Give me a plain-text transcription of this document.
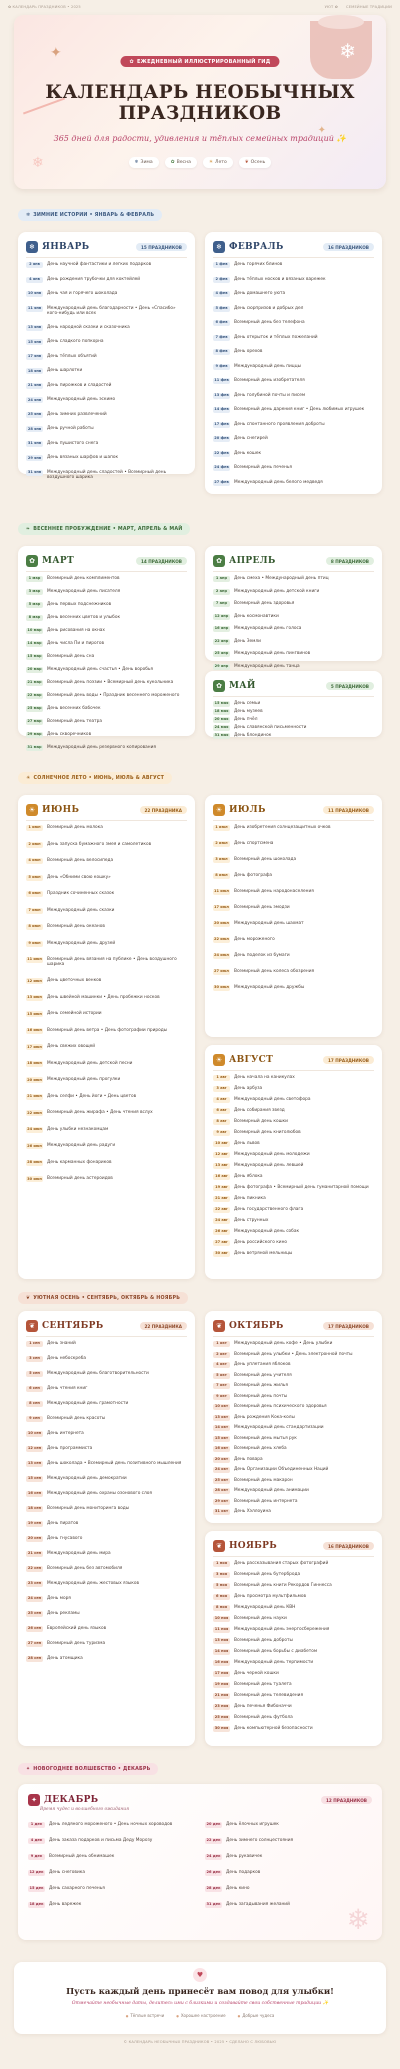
✿ КАЛЕНДАРЬ ПРАЗДНИКОВ • 2025	УЮТ ✿ СЕМЕЙНЫЕ ТРАДИЦИИ
❄
❄
✦
✦
✿ ЕЖЕДНЕВНЫЙ ИЛЛЮСТРИРОВАННЫЙ ГИД
КАЛЕНДАРЬ НЕОБЫЧНЫХ
ПРАЗДНИКОВ
365 дней для радости, удивления и тёплых семейных традиций ✨
❄ Зима	✿ Весна	☀ Лето	❦ Осень
❄ ЗИМНИЕ ИСТОРИИ • ЯНВАРЬ & ФЕВРАЛЬ
❄ ЯНВАРЬ	15 ПРАЗДНИКОВ
2 янв	День научной фантастики и легких подарков
4 янв	День рождения трубочки для коктейлей
10 янв	День чая и горячего шоколада
11 янв	Международный день благодарности • День «Спасибо» кого-нибудь или всех
13 янв	День народной сказки и сказочника
15 янв	День сладкого попкорна
17 янв	День тёплых объятий
18 янв	День шарлотки
21 янв	День пирожков и сладостей
24 янв	Международный день эскимо
25 янв	День зимних развлечений
28 янв	День ручной работы
31 янв	День пушистого снега
29 янв	День вязаных шарфов и шапок
31 янв	Международный день сладостей • Всемирный день воздушного шарика
❄ ФЕВРАЛЬ	16 ПРАЗДНИКОВ
1 фев	День горячих блинов
2 фев	День тёплых носков и вязаных варежек
4 фев	День домашнего уюта
5 фев	День сюрпризов и добрых дел
6 фев	Всемирный день без телефона
7 фев	День открыток и тёплых пожеланий
8 фев	День орехов
9 фев	Международный день пиццы
11 фев Всемирный день изобретателя
13 фев День голубиной почты и писем
14 фев Всемирный день дарения книг • День любимых игрушек
17 фев День спонтанного проявления доброты
20 фев День снегирей
22 фев День кошек
24 фев Всемирный день печенья
27 фев Международный день белого медведя
❧ ВЕСЕННЕЕ ПРОБУЖДЕНИЕ • МАРТ, АПРЕЛЬ & МАЙ
✿ МАРТ	14 ПРАЗДНИКОВ
1 мар	Всемирный день комплиментов
3 мар	Международный день писателя
5 мар	День первых подснежников
8 мар	День весенних цветов и улыбок
10 мар	День рисования на окнах
14 мар	День числа Пи и пирогов
15 мар	Всемирный день сна
20 мар	Международный день счастья • День воробья
21 мар	Всемирный день поэзии • Всемирный день кукольника
22 мар	Всемирный день воды • Праздник весеннего мороженого
25 мар	День весенних бабочек
27 мар	Всемирный день театра
29 мар	День скворечников
31 мар	Международный день резервного копирования
✿ АПРЕЛЬ	8 ПРАЗДНИКОВ
1 апр	День смеха • Международный день птиц
2 апр	Международный день детской книги
7 апр	Всемирный день здоровья
12 апр	День космонавтики
16 апр	Международный день голоса
22 апр	День Земли
25 апр	Международный день пингвинов
29 апр	Международный день танца
✿ МАЙ	5 ПРАЗДНИКОВ
15 мая	День семьи
18 мая	День музеев
20 мая	День пчёл
24 мая	День славянской письменности
31 мая	День блондинок
☀ СОЛНЕЧНОЕ ЛЕТО • ИЮНЬ, ИЮЛЬ & АВГУСТ
☀ ИЮНЬ	22 ПРАЗДНИКА
1 июн	Всемирный день молока
2 июн	День запуска бумажного змея и самолетиков
4 июн	Всемирный день велосипеда
5 июн	День «Обними свою кошку»
6 июн	Праздник сочиненных сказок
7 июн	Международный день сказки
8 июн	Всемирный день океанов
9 июн	Международный день друзей
11 июн Всемирный день вязания на публике • День воздушного шарика
12 июн День цветочных венков
13 июн День швейной машинки • День пробежки носков
15 июн День семейной истории
16 июн Всемирный день ветра • День фотографии природы
17 июн День свежих овощей
18 июн Международный день детской песни
20 июн Международный день прогулки
21 июн День селфи • День йоги • День цветов
22 июн Всемирный день жирафа • День чтения вслух
24 июн День улыбки незнакомцам
26 июн Международный день радуги
28 июн День карманных фонариков
30 июн Всемирный день астероидов
☀ ИЮЛЬ	11 ПРАЗДНИКОВ
1 июл	День изобретения солнцезащитных очков
2 июл	День спортсмена
3 июл	Всемирный день шоколада
8 июл	День фотографа
11 июл Всемирный день народонаселения
17 июл Всемирный день эмодзи
20 июл Международный день шахмат
22 июл День мороженого
24 июл День поделок из бумаги
27 июл Всемирный день колеса обозрения
30 июл Международный день дружбы
☀ АВГУСТ	17 ПРАЗДНИКОВ
1 авг	День начала на каникулах
3 авг	День арбуза
4 авг	Международный день светофора
6 авг	День собирания звезд
8 авг	Всемирный день кошки
9 авг	Всемирный день книголюбов
10 авг	День львов
12 авг	Международный день молодежи
13 авг	Международный день левшей
16 авг	День яблока
19 авг	День фотографа • Всемирный день гуманитарной помощи
21 авг	День пикника
22 авг	День государственного флага
24 авг	День струнных
26 авг	Международный день собак
27 авг	День российского кино
30 авг	День ветряной мельницы
❦ УЮТНАЯ ОСЕНЬ • СЕНТЯБРЬ, ОКТЯБРЬ & НОЯБРЬ
❦ СЕНТЯБРЬ	22 ПРАЗДНИКА
1 сен	День знаний
3 сен	День небоскреба
5 сен	Международный день благотворительности
6 сен	День чтения книг
8 сен	Международный день грамотности
9 сен	Всемирный день красоты
10 сен	День интернета
12 сен	День программиста
13 сен	День шоколада • Всемирный день позитивного мышления
15 сен	Международный день демократии
16 сен	Международный день охраны озонового слоя
18 сен	Всемирный день мониторинга воды
19 сен	День пиратов
20 сен	День гнусавого
21 сен	Международный день мира
22 сен	Всемирный день без автомобиля
23 сен	Международный день жестовых языков
24 сен	День моря
25 сен	День рекламы
26 сен	Европейский день языков
27 сен	Всемирный день туризма
28 сен	День атомщика
❦ ОКТЯБРЬ	17 ПРАЗДНИКОВ
1 окт	Международный день кофе • День улыбки
2 окт	Всемирный день улыбки • День электронной почты
4 окт	День уплетания яблоков
5 окт	Всемирный день учителя
7 окт	Всемирный день жилья
9 окт	Всемирный день почты
10 окт	Всемирный день психического здоровья
13 окт	День рождения Кока-колы
14 окт	Международный день стандартизации
15 окт	Всемирный день мытья рук
16 окт	Всемирный день хлеба
20 окт	День повара
24 окт	День Организации Объединенных Наций
25 окт	Всемирный день макарон
28 окт	Международный день анимации
29 окт	Всемирный день интернета
31 окт	День Хэллоуина
❦ НОЯБРЬ	16 ПРАЗДНИКОВ
1 ноя	День рассказывания старых фотографий
3 ноя	Всемирный день бутерброда
5 ноя	Всемирный день книги Рекордов Гиннесса
6 ноя	День просмотра мультфильмов
8 ноя	Международный день КВН
10 ноя	Всемирный день науки
11 ноя	Международный день энергосбережения
13 ноя	Всемирный день доброты
14 ноя	Всемирный день борьбы с диабетом
16 ноя	Международный день терпимости
17 ноя	День черной кошки
19 ноя	Всемирный день туалета
21 ноя	Всемирный день телевидения
23 ноя	День печенья Фибоначчи
25 ноя	Всемирный день футбола
30 ноя	День компьютерной безопасности
✦ НОВОГОДНЕЕ ВОЛШЕБСТВО • ДЕКАБРЬ
✦ ДЕКАБРЬ	12 ПРАЗДНИКОВ
Время чудес и волшебного ожидания
❄
1 дек	День ледяного мороженого • День ночных хороводов
4 дек	День заказа подарков и письма Деду Морозу
9 дек	Всемирный день обнимашек
12 дек	День снеговика
15 дек	День сахарного печенья
18 дек	День варежек
20 дек	День ёлочных игрушек
22 дек	День зимнего солнцестояния
24 дек	День рукавичек
26 дек	День подарков
28 дек	День кино
31 дек	День загадывания желаний
♥
Пусть каждый день принесёт вам повод для улыбки!
Отмечайте необычные даты, делитесь ими с близкими и создавайте свои собственные традиции ✨
● Тёплые встречи	● Хорошее настроение	● Добрые чудеса
© КАЛЕНДАРЬ НЕОБЫЧНЫХ ПРАЗДНИКОВ • 2025 • СДЕЛАНО С ЛЮБОВЬЮ
